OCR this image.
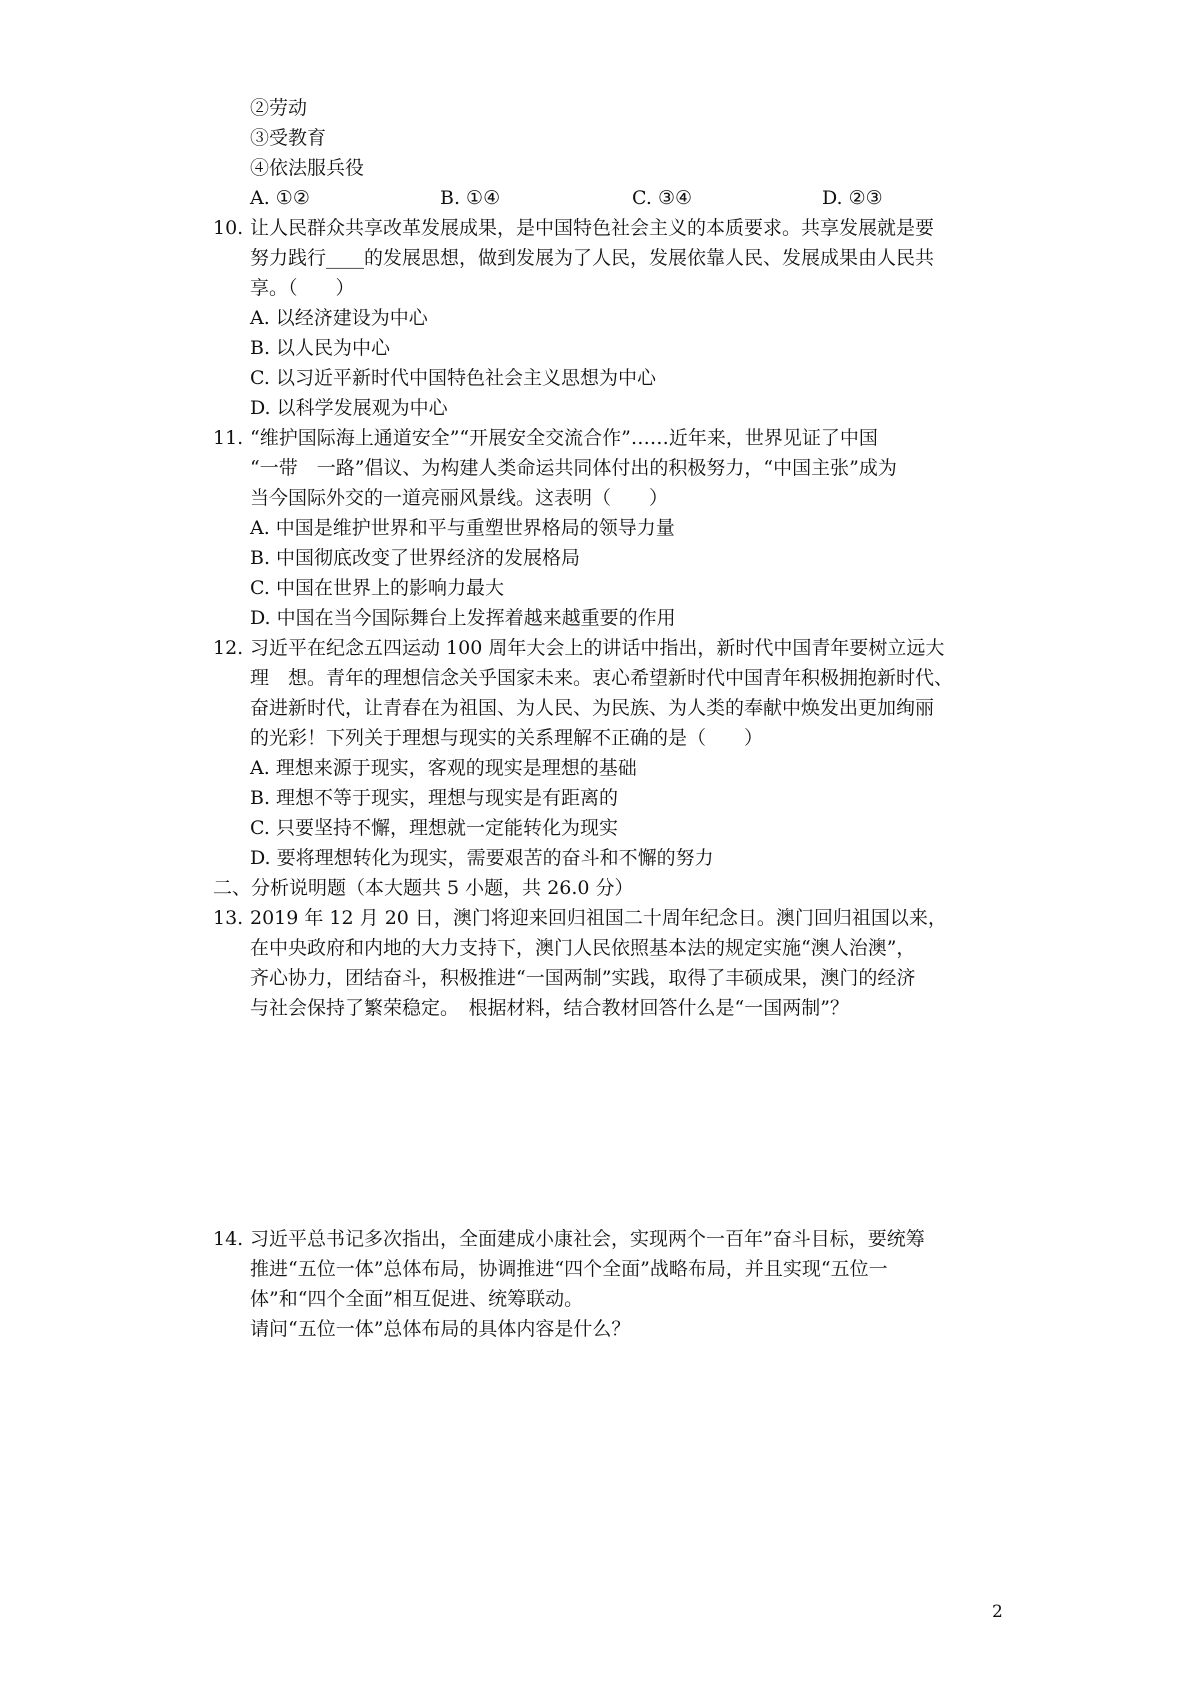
②劳动
③受教育
④依法服兵役
A. ①②	B. ①④	C. ③④	D. ②③
10. 让人民群众共享改革发展成果，是中国特色社会主义的本质要求。共享发展就是要
努力践行____的发展思想，做到发展为了人民，发展依靠人民、发展成果由人民共
享。（　　）
A. 以经济建设为中心
B. 以人民为中心
C. 以习近平新时代中国特色社会主义思想为中心
D. 以科学发展观为中心
11. “维护国际海上通道安全”“开展安全交流合作”……近年来，世界见证了中国
“一带　一路”倡议、为构建人类命运共同体付出的积极努力，“中国主张”成为
当今国际外交的一道亮丽风景线。这表明（　　）
A. 中国是维护世界和平与重塑世界格局的领导力量
B. 中国彻底改变了世界经济的发展格局
C. 中国在世界上的影响力最大
D. 中国在当今国际舞台上发挥着越来越重要的作用
12. 习近平在纪念五四运动 100 周年大会上的讲话中指出，新时代中国青年要树立远大
理　想。青年的理想信念关乎国家未来。衷心希望新时代中国青年积极拥抱新时代、
奋进新时代，让青春在为祖国、为人民、为民族、为人类的奉献中焕发出更加绚丽
的光彩！下列关于理想与现实的关系理解不正确的是（　　）
A. 理想来源于现实，客观的现实是理想的基础
B. 理想不等于现实，理想与现实是有距离的
C. 只要坚持不懈，理想就一定能转化为现实
D. 要将理想转化为现实，需要艰苦的奋斗和不懈的努力
二、分析说明题（本大题共 5 小题，共 26.0 分）
13. 2019 年 12 月 20 日，澳门将迎来回归祖国二十周年纪念日。澳门回归祖国以来，
在中央政府和内地的大力支持下，澳门人民依照基本法的规定实施“澳人治澳”，
齐心协力，团结奋斗，积极推进“一国两制”实践，取得了丰硕成果，澳门的经济
与社会保持了繁荣稳定。　根据材料，结合教材回答什么是“一国两制”？
14. 习近平总书记多次指出，全面建成小康社会，实现两个一百年”奋斗目标，要统筹
推进“五位一体”总体布局，协调推进“四个全面”战略布局，并且实现“五位一
体”和“四个全面”相互促进、统筹联动。
请问“五位一体”总体布局的具体内容是什么？
2
